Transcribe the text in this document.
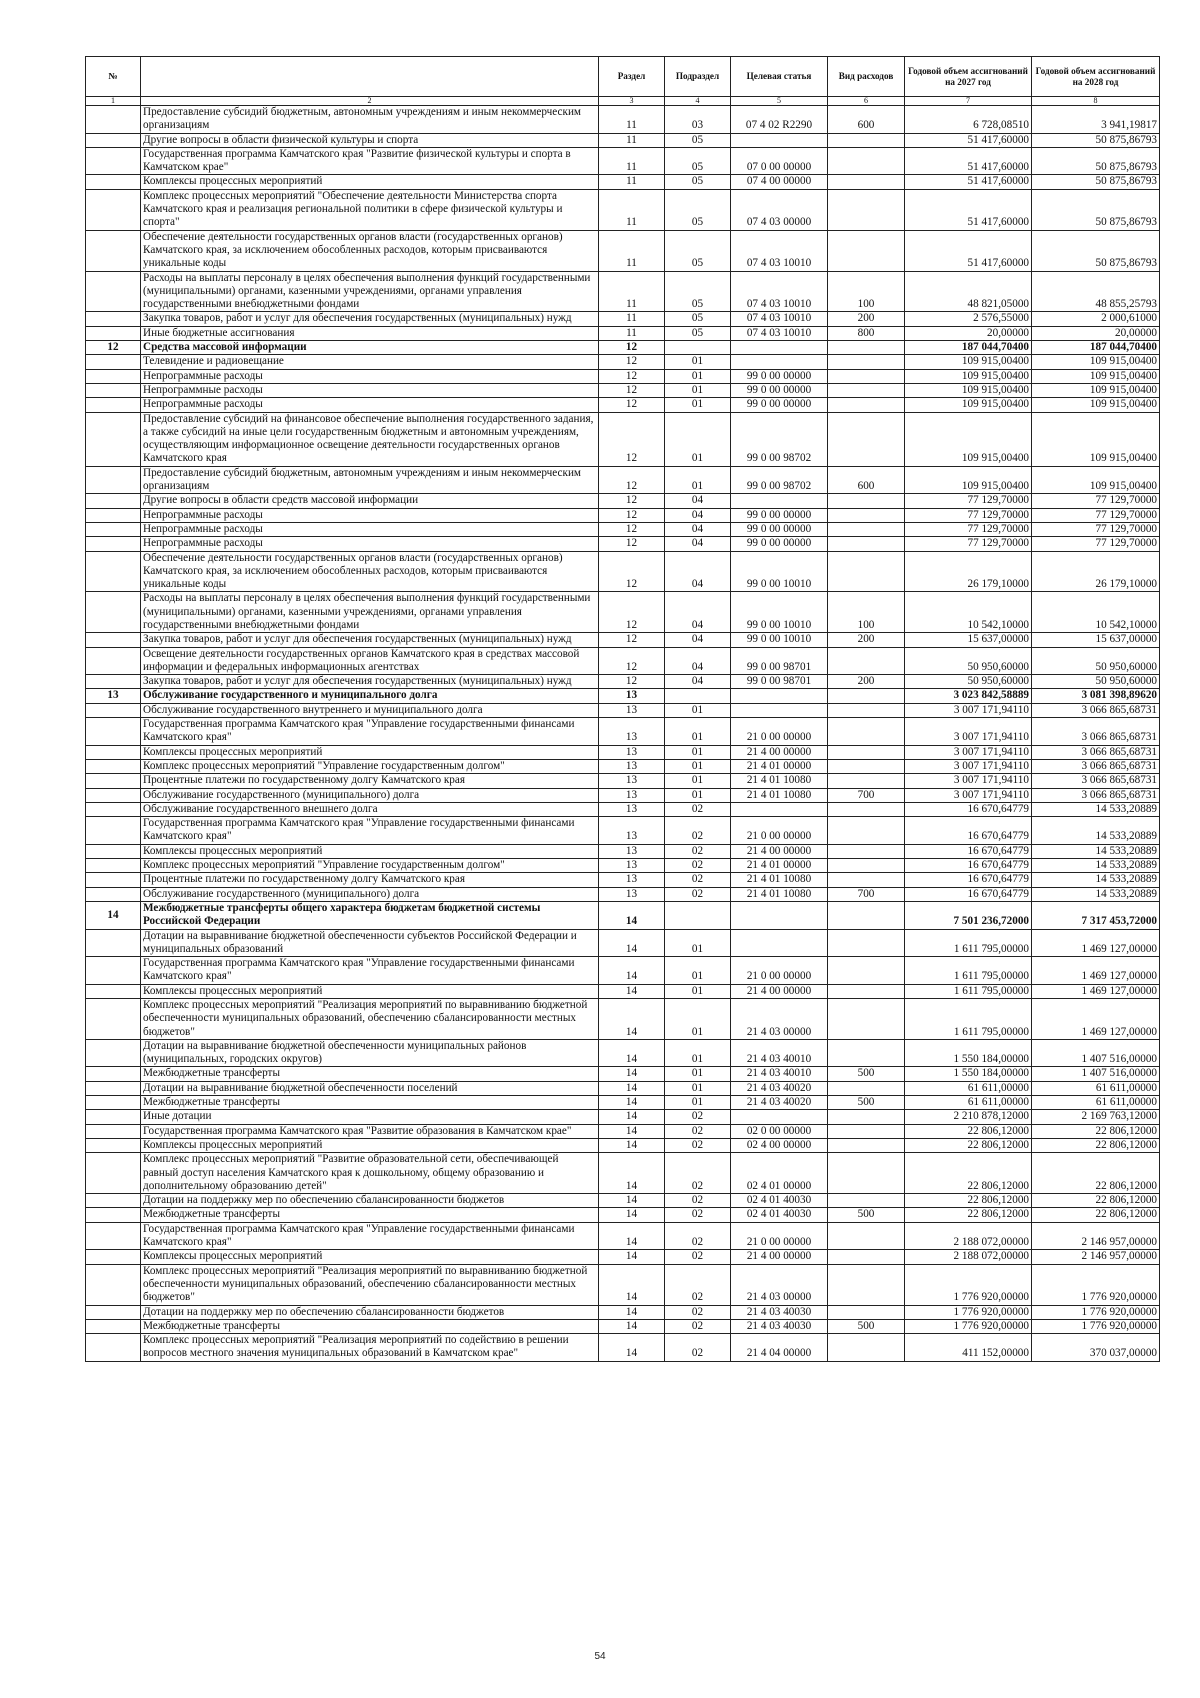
№		Раздел	Подраздел	Целевая статья	Вид расходов	Годовой объем ассигнований на 2027 год	Годовой объем ассигнований на 2028 год
1	2	3	4	5	6	7	8
	Предоставление субсидий бюджетным, автономным учреждениям и иным некоммерческим организациям	11	03	07 4 02 R2290	600	6 728,08510	3 941,19817
	Другие вопросы в области физической культуры и спорта	11	05			51 417,60000	50 875,86793
	Государственная программа Камчатского края "Развитие физической культуры и спорта в Камчатском крае"	11	05	07 0 00 00000		51 417,60000	50 875,86793
	Комплексы процессных мероприятий	11	05	07 4 00 00000		51 417,60000	50 875,86793
	Комплекс процессных мероприятий "Обеспечение деятельности Министерства спорта Камчатского края и реализация региональной политики в сфере физической культуры и спорта"	11	05	07 4 03 00000		51 417,60000	50 875,86793
	Обеспечение деятельности государственных органов власти (государственных органов) Камчатского края, за исключением обособленных расходов, которым присваиваются уникальные коды	11	05	07 4 03 10010		51 417,60000	50 875,86793
	Расходы на выплаты персоналу в целях обеспечения выполнения функций государственными (муниципальными) органами, казенными учреждениями, органами управления государственными внебюджетными фондами	11	05	07 4 03 10010	100	48 821,05000	48 855,25793
	Закупка товаров, работ и услуг для обеспечения государственных (муниципальных) нужд	11	05	07 4 03 10010	200	2 576,55000	2 000,61000
	Иные бюджетные ассигнования	11	05	07 4 03 10010	800	20,00000	20,00000
12	Средства массовой информации	12				187 044,70400	187 044,70400
	Телевидение и радиовещание	12	01			109 915,00400	109 915,00400
	Непрограммные расходы	12	01	99 0 00 00000		109 915,00400	109 915,00400
	Непрограммные расходы	12	01	99 0 00 00000		109 915,00400	109 915,00400
	Непрограммные расходы	12	01	99 0 00 00000		109 915,00400	109 915,00400
	Предоставление субсидий на финансовое обеспечение выполнения государственного задания, а также субсидий на иные цели государственным бюджетным и автономным учреждениям, осуществляющим информационное освещение деятельности государственных органов Камчатского края	12	01	99 0 00 98702		109 915,00400	109 915,00400
	Предоставление субсидий бюджетным, автономным учреждениям и иным некоммерческим организациям	12	01	99 0 00 98702	600	109 915,00400	109 915,00400
	Другие вопросы в области средств массовой информации	12	04			77 129,70000	77 129,70000
	Непрограммные расходы	12	04	99 0 00 00000		77 129,70000	77 129,70000
	Непрограммные расходы	12	04	99 0 00 00000		77 129,70000	77 129,70000
	Непрограммные расходы	12	04	99 0 00 00000		77 129,70000	77 129,70000
	Обеспечение деятельности государственных органов власти (государственных органов) Камчатского края, за исключением обособленных расходов, которым присваиваются уникальные коды	12	04	99 0 00 10010		26 179,10000	26 179,10000
	Расходы на выплаты персоналу в целях обеспечения выполнения функций государственными (муниципальными) органами, казенными учреждениями, органами управления государственными внебюджетными фондами	12	04	99 0 00 10010	100	10 542,10000	10 542,10000
	Закупка товаров, работ и услуг для обеспечения государственных (муниципальных) нужд	12	04	99 0 00 10010	200	15 637,00000	15 637,00000
	Освещение деятельности государственных органов Камчатского края в средствах массовой информации и федеральных информационных агентствах	12	04	99 0 00 98701		50 950,60000	50 950,60000
	Закупка товаров, работ и услуг для обеспечения государственных (муниципальных) нужд	12	04	99 0 00 98701	200	50 950,60000	50 950,60000
13	Обслуживание государственного и муниципального долга	13				3 023 842,58889	3 081 398,89620
	Обслуживание государственного внутреннего и муниципального долга	13	01			3 007 171,94110	3 066 865,68731
	Государственная программа Камчатского края "Управление государственными финансами Камчатского края"	13	01	21 0 00 00000		3 007 171,94110	3 066 865,68731
	Комплексы процессных мероприятий	13	01	21 4 00 00000		3 007 171,94110	3 066 865,68731
	Комплекс процессных мероприятий "Управление государственным долгом"	13	01	21 4 01 00000		3 007 171,94110	3 066 865,68731
	Процентные платежи по государственному долгу Камчатского края	13	01	21 4 01 10080		3 007 171,94110	3 066 865,68731
	Обслуживание государственного (муниципального) долга	13	01	21 4 01 10080	700	3 007 171,94110	3 066 865,68731
	Обслуживание государственного внешнего долга	13	02			16 670,64779	14 533,20889
	Государственная программа Камчатского края "Управление государственными финансами Камчатского края"	13	02	21 0 00 00000		16 670,64779	14 533,20889
	Комплексы процессных мероприятий	13	02	21 4 00 00000		16 670,64779	14 533,20889
	Комплекс процессных мероприятий "Управление государственным долгом"	13	02	21 4 01 00000		16 670,64779	14 533,20889
	Процентные платежи по государственному долгу Камчатского края	13	02	21 4 01 10080		16 670,64779	14 533,20889
	Обслуживание государственного (муниципального) долга	13	02	21 4 01 10080	700	16 670,64779	14 533,20889
14	Межбюджетные трансферты общего характера бюджетам бюджетной системы Российской Федерации	14				7 501 236,72000	7 317 453,72000
	Дотации на выравнивание бюджетной обеспеченности субъектов Российской Федерации и муниципальных образований	14	01			1 611 795,00000	1 469 127,00000
	Государственная программа Камчатского края "Управление государственными финансами Камчатского края"	14	01	21 0 00 00000		1 611 795,00000	1 469 127,00000
	Комплексы процессных мероприятий	14	01	21 4 00 00000		1 611 795,00000	1 469 127,00000
	Комплекс процессных мероприятий "Реализация мероприятий по выравниванию бюджетной обеспеченности муниципальных образований, обеспечению сбалансированности местных бюджетов"	14	01	21 4 03 00000		1 611 795,00000	1 469 127,00000
	Дотации на выравнивание бюджетной обеспеченности муниципальных районов (муниципальных, городских округов)	14	01	21 4 03 40010		1 550 184,00000	1 407 516,00000
	Межбюджетные трансферты	14	01	21 4 03 40010	500	1 550 184,00000	1 407 516,00000
	Дотации на выравнивание бюджетной обеспеченности поселений	14	01	21 4 03 40020		61 611,00000	61 611,00000
	Межбюджетные трансферты	14	01	21 4 03 40020	500	61 611,00000	61 611,00000
	Иные дотации	14	02			2 210 878,12000	2 169 763,12000
	Государственная программа Камчатского края "Развитие образования в Камчатском крае"	14	02	02 0 00 00000		22 806,12000	22 806,12000
	Комплексы процессных мероприятий	14	02	02 4 00 00000		22 806,12000	22 806,12000
	Комплекс процессных мероприятий "Развитие образовательной сети, обеспечивающей равный доступ населения Камчатского края к дошкольному, общему образованию и дополнительному образованию детей"	14	02	02 4 01 00000		22 806,12000	22 806,12000
	Дотации на поддержку мер по обеспечению сбалансированности бюджетов	14	02	02 4 01 40030		22 806,12000	22 806,12000
	Межбюджетные трансферты	14	02	02 4 01 40030	500	22 806,12000	22 806,12000
	Государственная программа Камчатского края "Управление государственными финансами Камчатского края"	14	02	21 0 00 00000		2 188 072,00000	2 146 957,00000
	Комплексы процессных мероприятий	14	02	21 4 00 00000		2 188 072,00000	2 146 957,00000
	Комплекс процессных мероприятий "Реализация мероприятий по выравниванию бюджетной обеспеченности муниципальных образований, обеспечению сбалансированности местных бюджетов"	14	02	21 4 03 00000		1 776 920,00000	1 776 920,00000
	Дотации на поддержку мер по обеспечению сбалансированности бюджетов	14	02	21 4 03 40030		1 776 920,00000	1 776 920,00000
	Межбюджетные трансферты	14	02	21 4 03 40030	500	1 776 920,00000	1 776 920,00000
	Комплекс процессных мероприятий "Реализация мероприятий по содействию в решении вопросов местного значения муниципальных образований в Камчатском крае"	14	02	21 4 04 00000		411 152,00000	370 037,00000
54
